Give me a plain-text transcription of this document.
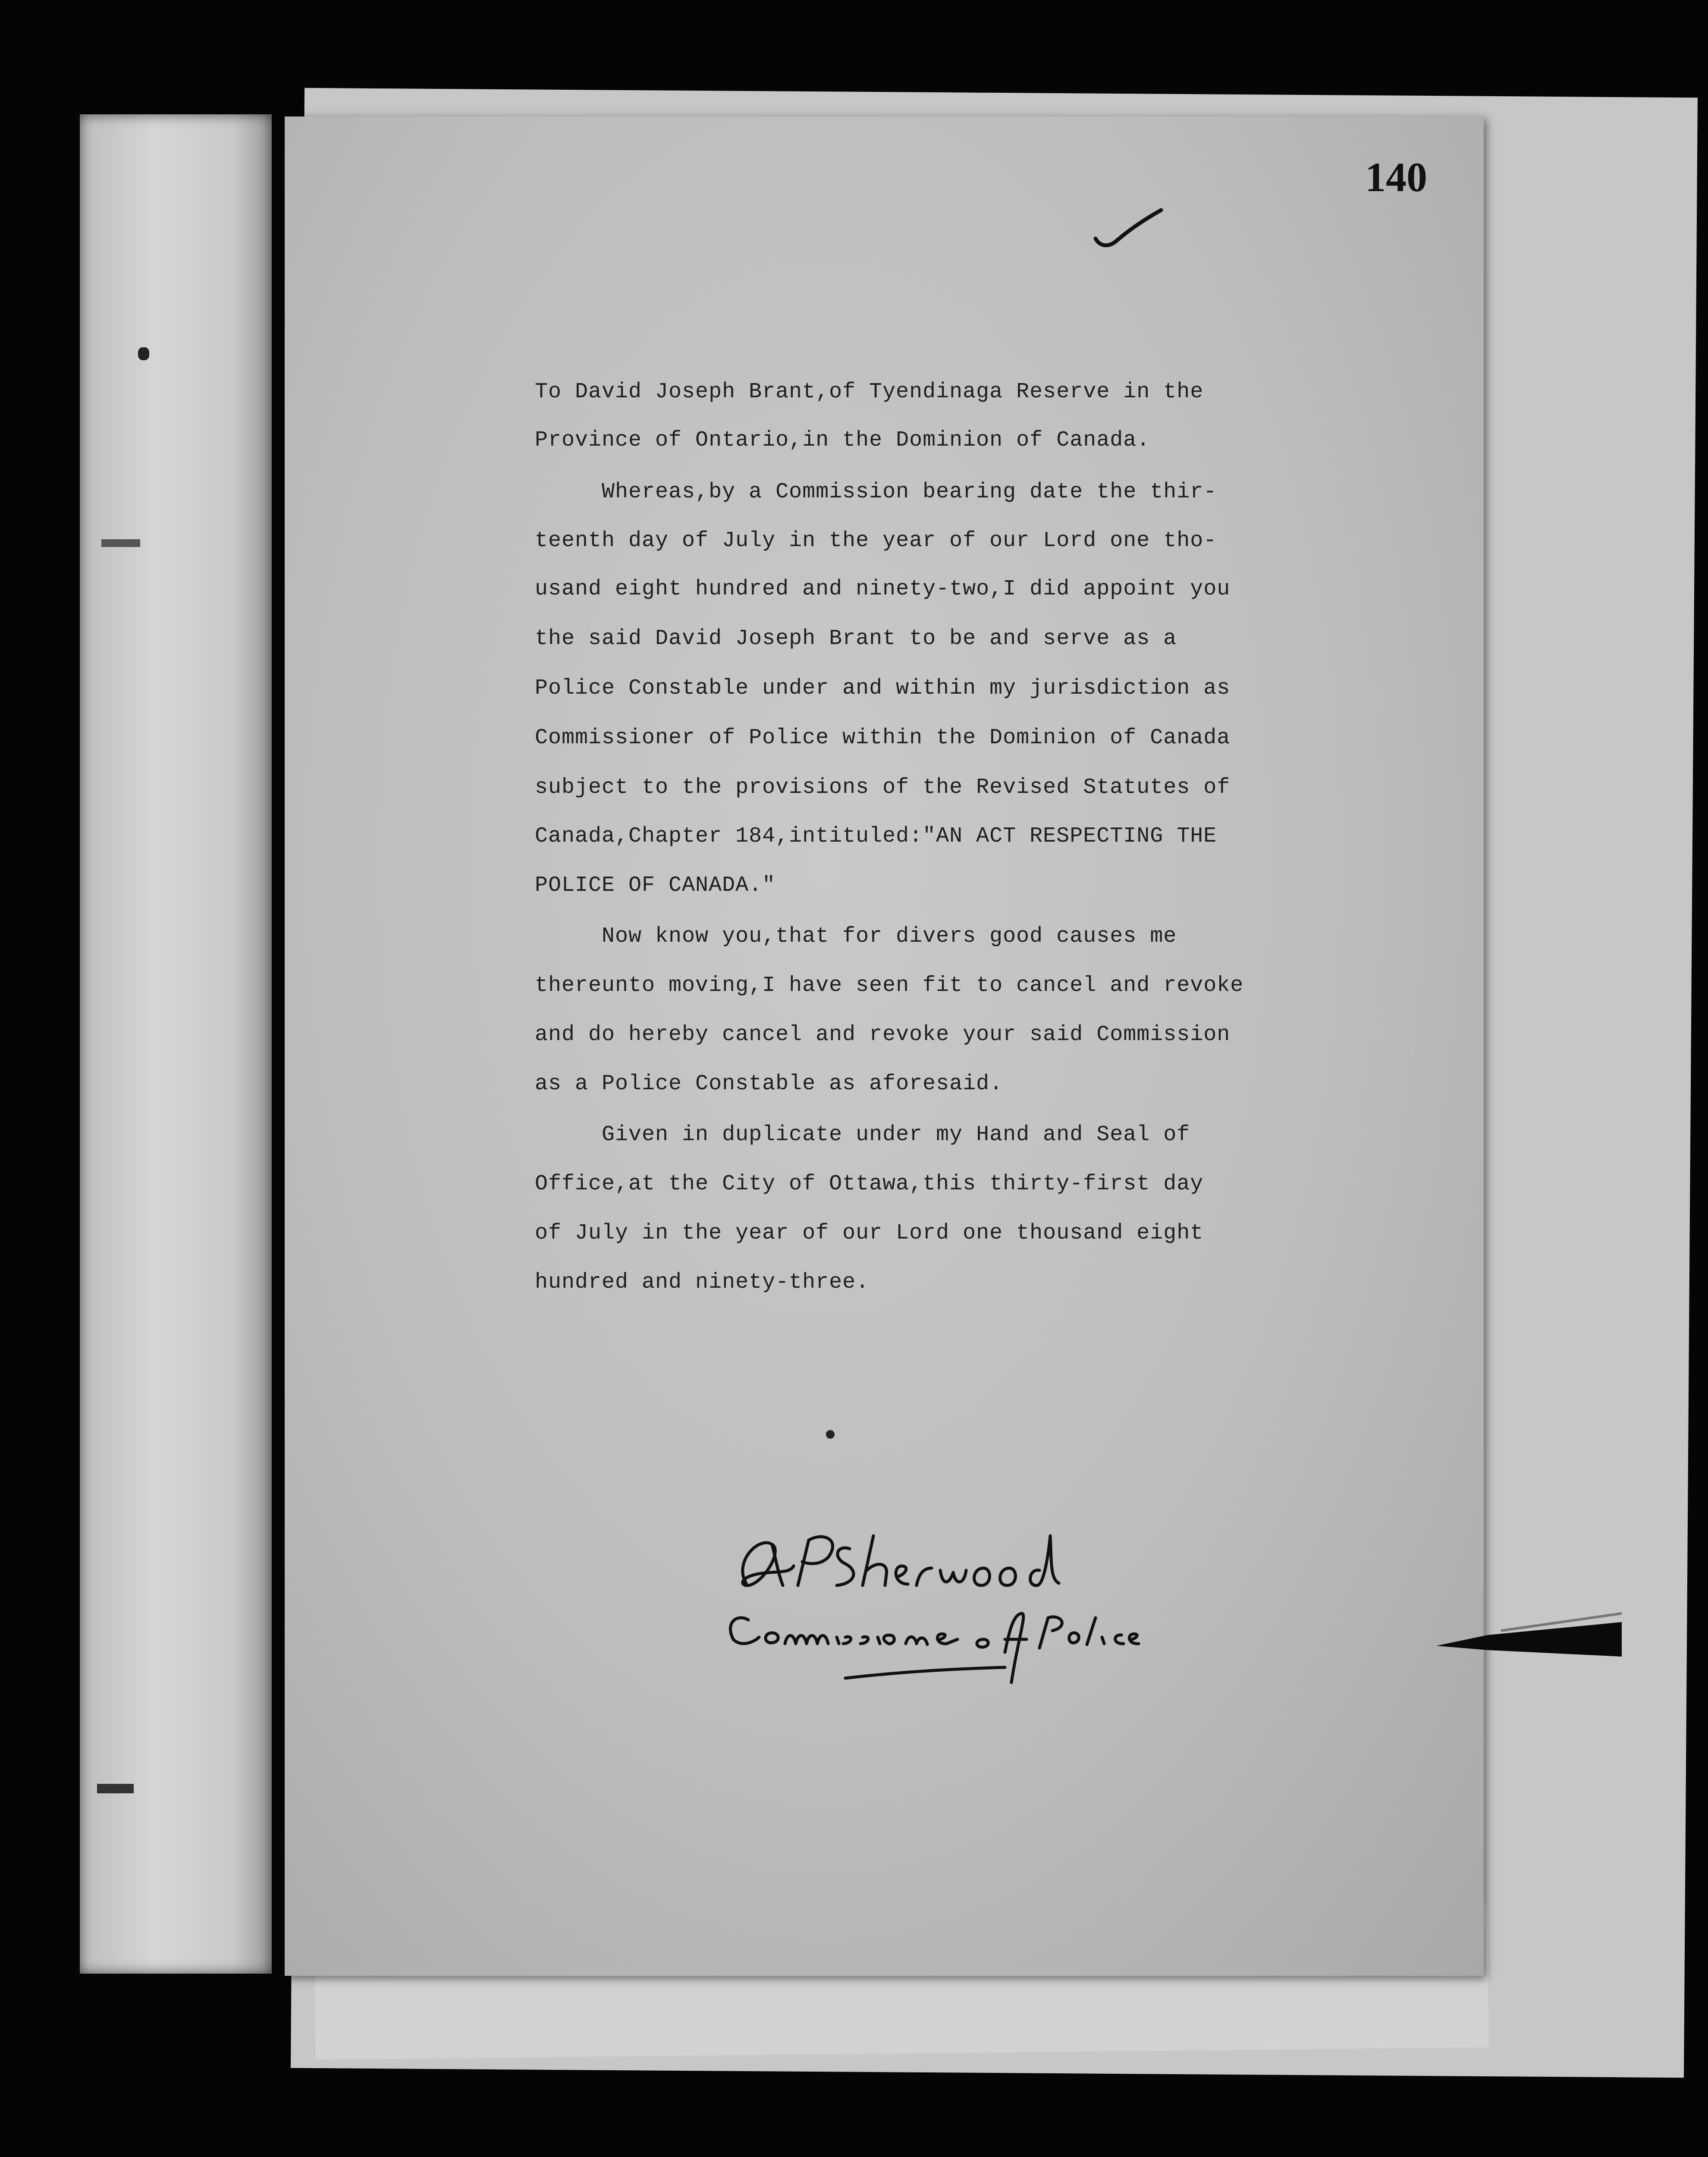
140
To David Joseph Brant,of Tyendinaga Reserve in the
Province of Ontario,in the Dominion of Canada.
Whereas,by a Commission bearing date the thir-
teenth day of July in the year of our Lord one tho-
usand eight hundred and ninety-two,I did appoint you
the said David Joseph Brant to be and serve as a
Police Constable under and within my jurisdiction as
Commissioner of Police within the Dominion of Canada
subject to the provisions of the Revised Statutes of
Canada,Chapter 184,intituled:"AN ACT RESPECTING THE
POLICE OF CANADA."
Now know you,that for divers good causes me
thereunto moving,I have seen fit to cancel and revoke
and do hereby cancel and revoke your said Commission
as a Police Constable as aforesaid.
Given in duplicate under my Hand and Seal of
Office,at the City of Ottawa,this thirty-first day
of July in the year of our Lord one thousand eight
hundred and ninety-three.
